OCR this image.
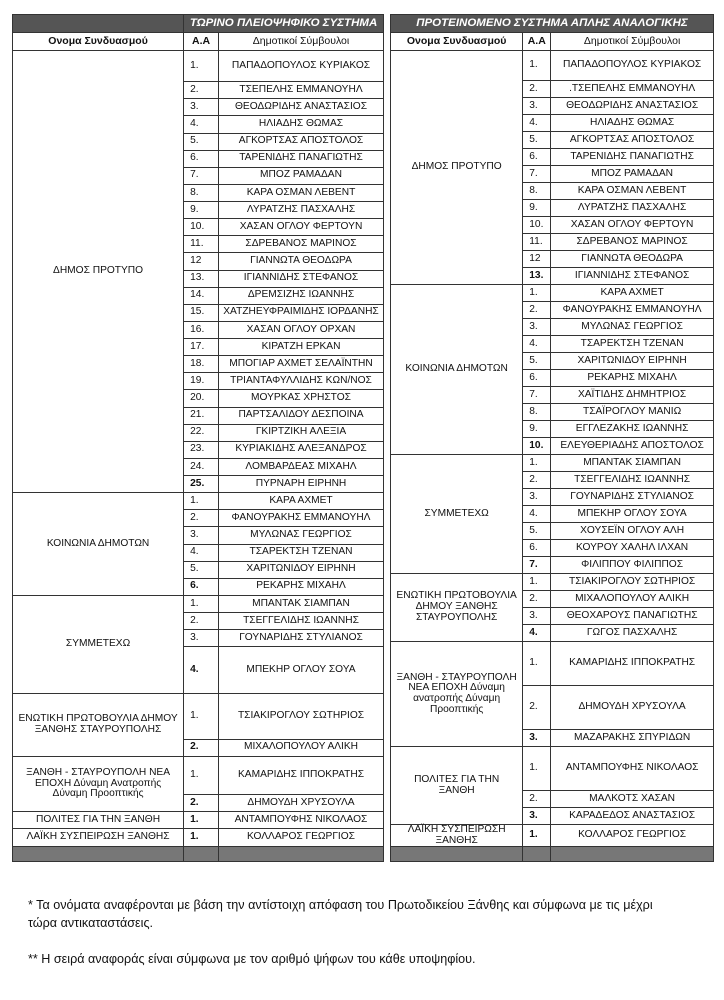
	ΤΩΡΙΝΟ ΠΛΕΙΟΨΗΦΙΚΟ ΣΥΣΤΗΜΑ	
Ονομα Συνδυασμού	Α.Α	Δημοτικοί Σύμβουλοι
ΔΗΜΟΣ ΠΡΟΤΥΠΟ	1.	ΠΑΠΑΔΟΠΟΥΛΟΣ ΚΥΡΙΑΚΟΣ
	2.	ΤΣΕΠΕΛΗΣ ΕΜΜΑΝΟΥΗΛ
	3.	ΘΕΟΔΩΡΙΔΗΣ ΑΝΑΣΤΑΣΙΟΣ
	4.	ΗΛΙΑΔΗΣ ΘΩΜΑΣ
	5.	ΑΓΚΟΡΤΣΑΣ ΑΠΟΣΤΟΛΟΣ
	6.	ΤΑΡΕΝΙΔΗΣ ΠΑΝΑΓΙΩΤΗΣ
	7.	ΜΠΟΖ ΡΑΜΑΔΑΝ
	8.	ΚΑΡΑ ΟΣΜΑΝ ΛΕΒΕΝΤ
	9.	ΛΥΡΑΤΖΗΣ ΠΑΣΧΑΛΗΣ
	10.	ΧΑΣΑΝ ΟΓΛΟΥ ΦΕΡΤΟΥΝ
	11.	ΣΔΡΕΒΑΝΟΣ ΜΑΡΙΝΟΣ
	12	ΓΙΑΝΝΩΤΑ ΘΕΟΔΩΡΑ
	13.	ΙΓΙΑΝΝΙΔΗΣ ΣΤΕΦΑΝΟΣ
	14.	ΔΡΕΜΣΙΖΗΣ ΙΩΑΝΝΗΣ
	15.	ΧΑΤΖΗΕΥΦΡΑΙΜΙΔΗΣ ΙΟΡΔΑΝΗΣ
	16.	ΧΑΣΑΝ ΟΓΛΟΥ ΟΡΧΑΝ
	17.	ΚΙΡΑΤΖΗ ΕΡΚΑΝ
	18.	ΜΠΟΓΙΑΡ ΑΧΜΕΤ ΣΕΛΑΪΝΤΗΝ
	19.	ΤΡΙΑΝΤΑΦΥΛΛΙΔΗΣ ΚΩΝ/ΝΟΣ
	20.	ΜΟΥΡΚΑΣ ΧΡΗΣΤΟΣ
	21.	ΠΑΡΤΣΑΛΙΔΟΥ ΔΕΣΠΟΙΝΑ
	22.	ΓΚΙΡΤΖΙΚΗ ΑΛΕΞΙΑ
	23.	ΚΥΡΙΑΚΙΔΗΣ ΑΛΕΞΑΝΔΡΟΣ
	24.	ΛΟΜΒΑΡΔΕΑΣ ΜΙΧΑΗΛ
	25.	ΠΥΡΝΑΡΗ ΕΙΡΗΝΗ
ΚΟΙΝΩΝΙΑ ΔΗΜΟΤΩΝ	1.	ΚΑΡΑ ΑΧΜΕΤ
	2.	ΦΑΝΟΥΡΑΚΗΣ ΕΜΜΑΝΟΥΗΛ
	3.	ΜΥΛΩΝΑΣ ΓΕΩΡΓΙΟΣ
	4.	ΤΣΑΡΕΚΤΣΗ ΤΖΕΝΑΝ
	5.	ΧΑΡΙΤΩΝΙΔΟΥ ΕΙΡΗΝΗ
	6.	ΡΕΚΑΡΗΣ ΜΙΧΑΗΛ
ΣΥΜΜΕΤΕΧΩ	1.	ΜΠΑΝΤΑΚ ΣΙΑΜΠΑΝ
	2.	ΤΣΕΓΓΕΛΙΔΗΣ ΙΩΑΝΝΗΣ
	3.	ΓΟΥΝΑΡΙΔΗΣ ΣΤΥΛΙΑΝΟΣ
	4.	ΜΠΕΚΗΡ ΟΓΛΟΥ ΣΟΥΑ
ΕΝΩΤΙΚΗ ΠΡΩΤΟΒΟΥΛΙΑ ΔΗΜΟΥ ΞΑΝΘΗΣ ΣΤΑΥΡΟΥΠΟΛΗΣ	1.	ΤΣΙΑΚΙΡΟΓΛΟΥ ΣΩΤΗΡΙΟΣ
	2.	ΜΙΧΑΛΟΠΟΥΛΟΥ ΑΛΙΚΗ
ΞΑΝΘΗ - ΣΤΑΥΡΟΥΠΟΛΗ ΝΕΑ ΕΠΟΧΗ Δύναμη Ανατροπής Δύναμη Προοπτικής	1.	ΚΑΜΑΡΙΔΗΣ ΙΠΠΟΚΡΑΤΗΣ
	2.	ΔΗΜΟΥΔΗ ΧΡΥΣΟΥΛΑ
ΠΟΛΙΤΕΣ ΓΙΑ ΤΗΝ ΞΑΝΘΗ	1.	ΑΝΤΑΜΠΟΥΦΗΣ ΝΙΚΟΛΑΟΣ
ΛΑΪΚΗ ΣΥΣΠΕΙΡΩΣΗ ΞΑΝΘΗΣ	1.	ΚΟΛΛΑΡΟΣ ΓΕΩΡΓΙΟΣ

ΠΡΟΤΕΙΝΟΜΕΝΟ ΣΥΣΤΗΜΑ ΑΠΛΗΣ ΑΝΑΛΟΓΙΚΗΣ		
Ονομα Συνδυασμού	Α.Α	Δημοτικοί Σύμβουλοι
ΔΗΜΟΣ ΠΡΟΤΥΠΟ	1.	ΠΑΠΑΔΟΠΟΥΛΟΣ ΚΥΡΙΑΚΟΣ
	2.	.ΤΣΕΠΕΛΗΣ ΕΜΜΑΝΟΥΗΛ
	3.	ΘΕΟΔΩΡΙΔΗΣ ΑΝΑΣΤΑΣΙΟΣ
	4.	ΗΛΙΑΔΗΣ ΘΩΜΑΣ
	5.	ΑΓΚΟΡΤΣΑΣ ΑΠΟΣΤΟΛΟΣ
	6.	ΤΑΡΕΝΙΔΗΣ ΠΑΝΑΓΙΩΤΗΣ
	7.	ΜΠΟΖ ΡΑΜΑΔΑΝ
	8.	ΚΑΡΑ ΟΣΜΑΝ ΛΕΒΕΝΤ
	9.	ΛΥΡΑΤΖΗΣ ΠΑΣΧΑΛΗΣ
	10.	ΧΑΣΑΝ ΟΓΛΟΥ ΦΕΡΤΟΥΝ
	11.	ΣΔΡΕΒΑΝΟΣ ΜΑΡΙΝΟΣ
	12	ΓΙΑΝΝΩΤΑ ΘΕΟΔΩΡΑ
	13.	ΙΓΙΑΝΝΙΔΗΣ ΣΤΕΦΑΝΟΣ
ΚΟΙΝΩΝΙΑ ΔΗΜΟΤΩΝ	1.	ΚΑΡΑ ΑΧΜΕΤ
	2.	ΦΑΝΟΥΡΑΚΗΣ ΕΜΜΑΝΟΥΗΛ
	3.	ΜΥΛΩΝΑΣ ΓΕΩΡΓΙΟΣ
	4.	ΤΣΑΡΕΚΤΣΗ ΤΖΕΝΑΝ
	5.	ΧΑΡΙΤΩΝΙΔΟΥ ΕΙΡΗΝΗ
	6.	ΡΕΚΑΡΗΣ ΜΙΧΑΗΛ
	7.	ΧΑΪΤΙΔΗΣ ΔΗΜΗΤΡΙΟΣ
	8.	ΤΣΑΪΡΟΓΛΟΥ ΜΑΝΙΩ
	9.	ΕΓΓΛΕΖΑΚΗΣ ΙΩΑΝΝΗΣ
	10.	ΕΛΕΥΘΕΡΙΑΔΗΣ ΑΠΟΣΤΟΛΟΣ
ΣΥΜΜΕΤΕΧΩ	1.	ΜΠΑΝΤΑΚ ΣΙΑΜΠΑΝ
	2.	ΤΣΕΓΓΕΛΙΔΗΣ ΙΩΑΝΝΗΣ
	3.	ΓΟΥΝΑΡΙΔΗΣ ΣΤΥΛΙΑΝΟΣ
	4.	ΜΠΕΚΗΡ ΟΓΛΟΥ ΣΟΥΑ
	5.	ΧΟΥΣΕΪΝ ΟΓΛΟΥ ΑΛΗ
	6.	ΚΟΥΡΟΥ ΧΑΛΗΛ ΙΛΧΑΝ
	7.	ΦΙΛΙΠΠΟΥ ΦΙΛΙΠΠΟΣ
ΕΝΩΤΙΚΗ ΠΡΩΤΟΒΟΥΛΙΑ ΔΗΜΟΥ ΞΑΝΘΗΣ ΣΤΑΥΡΟΥΠΟΛΗΣ	1.	ΤΣΙΑΚΙΡΟΓΛΟΥ ΣΩΤΗΡΙΟΣ
	2.	ΜΙΧΑΛΟΠΟΥΛΟΥ ΑΛΙΚΗ
	3.	ΘΕΟΧΑΡΟΥΣ ΠΑΝΑΓΙΩΤΗΣ
	4.	ΓΩΓΟΣ ΠΑΣΧΑΛΗΣ
ΞΑΝΘΗ - ΣΤΑΥΡΟΥΠΟΛΗ ΝΕΑ ΕΠΟΧΗ Δύναμη ανατροπής Δύναμη Προοπτικής	1.	ΚΑΜΑΡΙΔΗΣ ΙΠΠΟΚΡΑΤΗΣ
	2.	ΔΗΜΟΥΔΗ ΧΡΥΣΟΥΛΑ
	3.	ΜΑΖΑΡΑΚΗΣ ΣΠΥΡΙΔΩΝ
ΠΟΛΙΤΕΣ ΓΙΑ ΤΗΝ ΞΑΝΘΗ	1.	ΑΝΤΑΜΠΟΥΦΗΣ ΝΙΚΟΛΑΟΣ
	2.	ΜΑΛΚΟΤΣ ΧΑΣΑΝ
	3.	ΚΑΡΑΔΕΔΟΣ ΑΝΑΣΤΑΣΙΟΣ
ΛΑΪΚΗ ΣΥΣΠΕΙΡΩΣΗ ΞΑΝΘΗΣ	1.	ΚΟΛΛΑΡΟΣ ΓΕΩΡΓΙΟΣ

* Τα ονόματα αναφέρονται με βάση την αντίστοιχη απόφαση του Πρωτοδικείου Ξάνθης και σύμφωνα με τις μέχρι τώρα αντικαταστάσεις.
** Η σειρά αναφοράς είναι σύμφωνα με τον αριθμό ψήφων του κάθε υποψηφίου.
